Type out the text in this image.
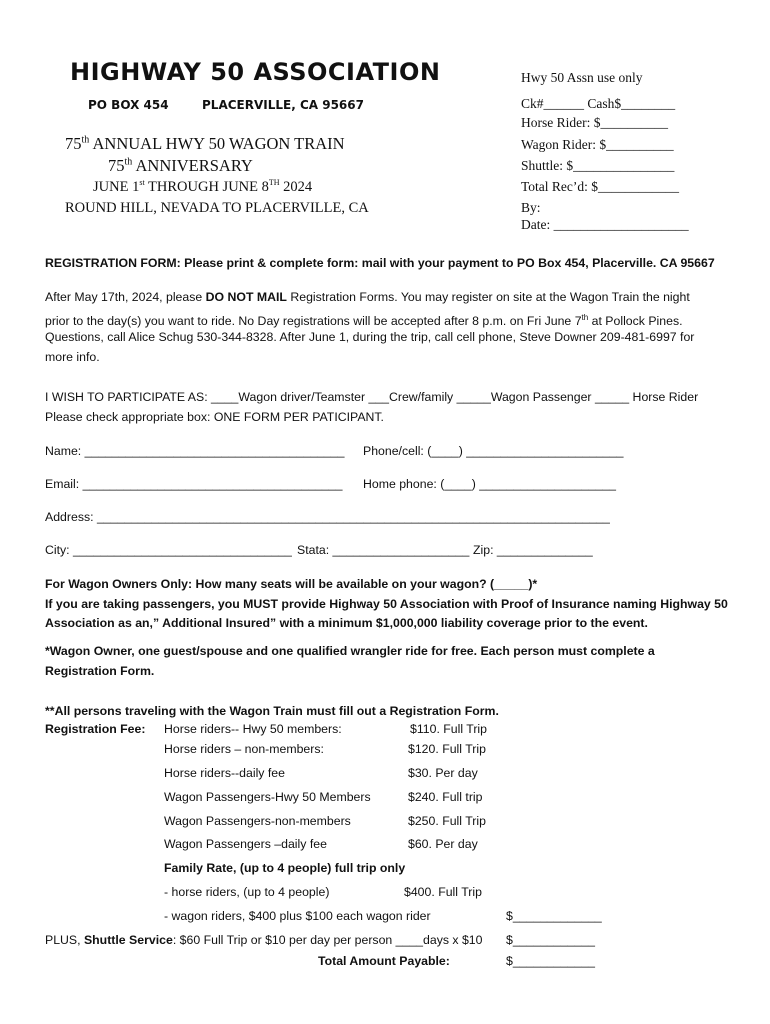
HIGHWAY 50 ASSOCIATION
PO BOX 454	PLACERVILLE, CA 95667
75th ANNUAL HWY 50 WAGON TRAIN
75th ANNIVERSARY
JUNE 1st THROUGH JUNE 8TH 2024
ROUND HILL, NEVADA TO PLACERVILLE, CA
Hwy 50 Assn use only
Ck#______ Cash$________
Horse Rider: $__________
Wagon Rider: $__________
Shuttle: $_______________
Total Rec’d: $____________
By:
Date: ____________________
REGISTRATION FORM: Please print & complete form: mail with your payment to PO Box 454, Placerville. CA 95667
After May 17th, 2024, please DO NOT MAIL Registration Forms. You may register on site at the Wagon Train the night
prior to the day(s) you want to ride. No Day registrations will be accepted after 8 p.m. on Fri June 7th at Pollock Pines.
Questions, call Alice Schug 530-344-8328. After June 1, during the trip, call cell phone, Steve Downer 209-481-6997 for
more info.
I WISH TO PARTICIPATE AS: ____Wagon driver/Teamster ___Crew/family _____Wagon Passenger _____ Horse Rider
Please check appropriate box: ONE FORM PER PATICIPANT.
Name: ______________________________________ Phone/cell: (____) _______________________
Email: ______________________________________ Home phone: (____) ____________________
Address: ___________________________________________________________________________
City: ________________________________ Stata: ____________________ Zip: ______________
For Wagon Owners Only: How many seats will be available on your wagon? (_____)*
If you are taking passengers, you MUST provide Highway 50 Association with Proof of Insurance naming Highway 50
Association as an,” Additional Insured” with a minimum $1,000,000 liability coverage prior to the event.
*Wagon Owner, one guest/spouse and one qualified wrangler ride for free. Each person must complete a
Registration Form.
**All persons traveling with the Wagon Train must fill out a Registration Form.
Registration Fee: Horse riders-- Hwy 50 members:	$110. Full Trip
Horse riders – non-members:	$120. Full Trip
Horse riders--daily fee	$30. Per day
Wagon Passengers-Hwy 50 Members	$240. Full trip
Wagon Passengers-non-members	$250. Full Trip
Wagon Passengers –daily fee	$60. Per day
Family Rate, (up to 4 people) full trip only
- horse riders, (up to 4 people)	$400. Full Trip
- wagon riders, $400 plus $100 each wagon rider	$_____________
PLUS, Shuttle Service: $60 Full Trip or $10 per day per person ____days x $10 $____________
Total Amount Payable:	$____________
